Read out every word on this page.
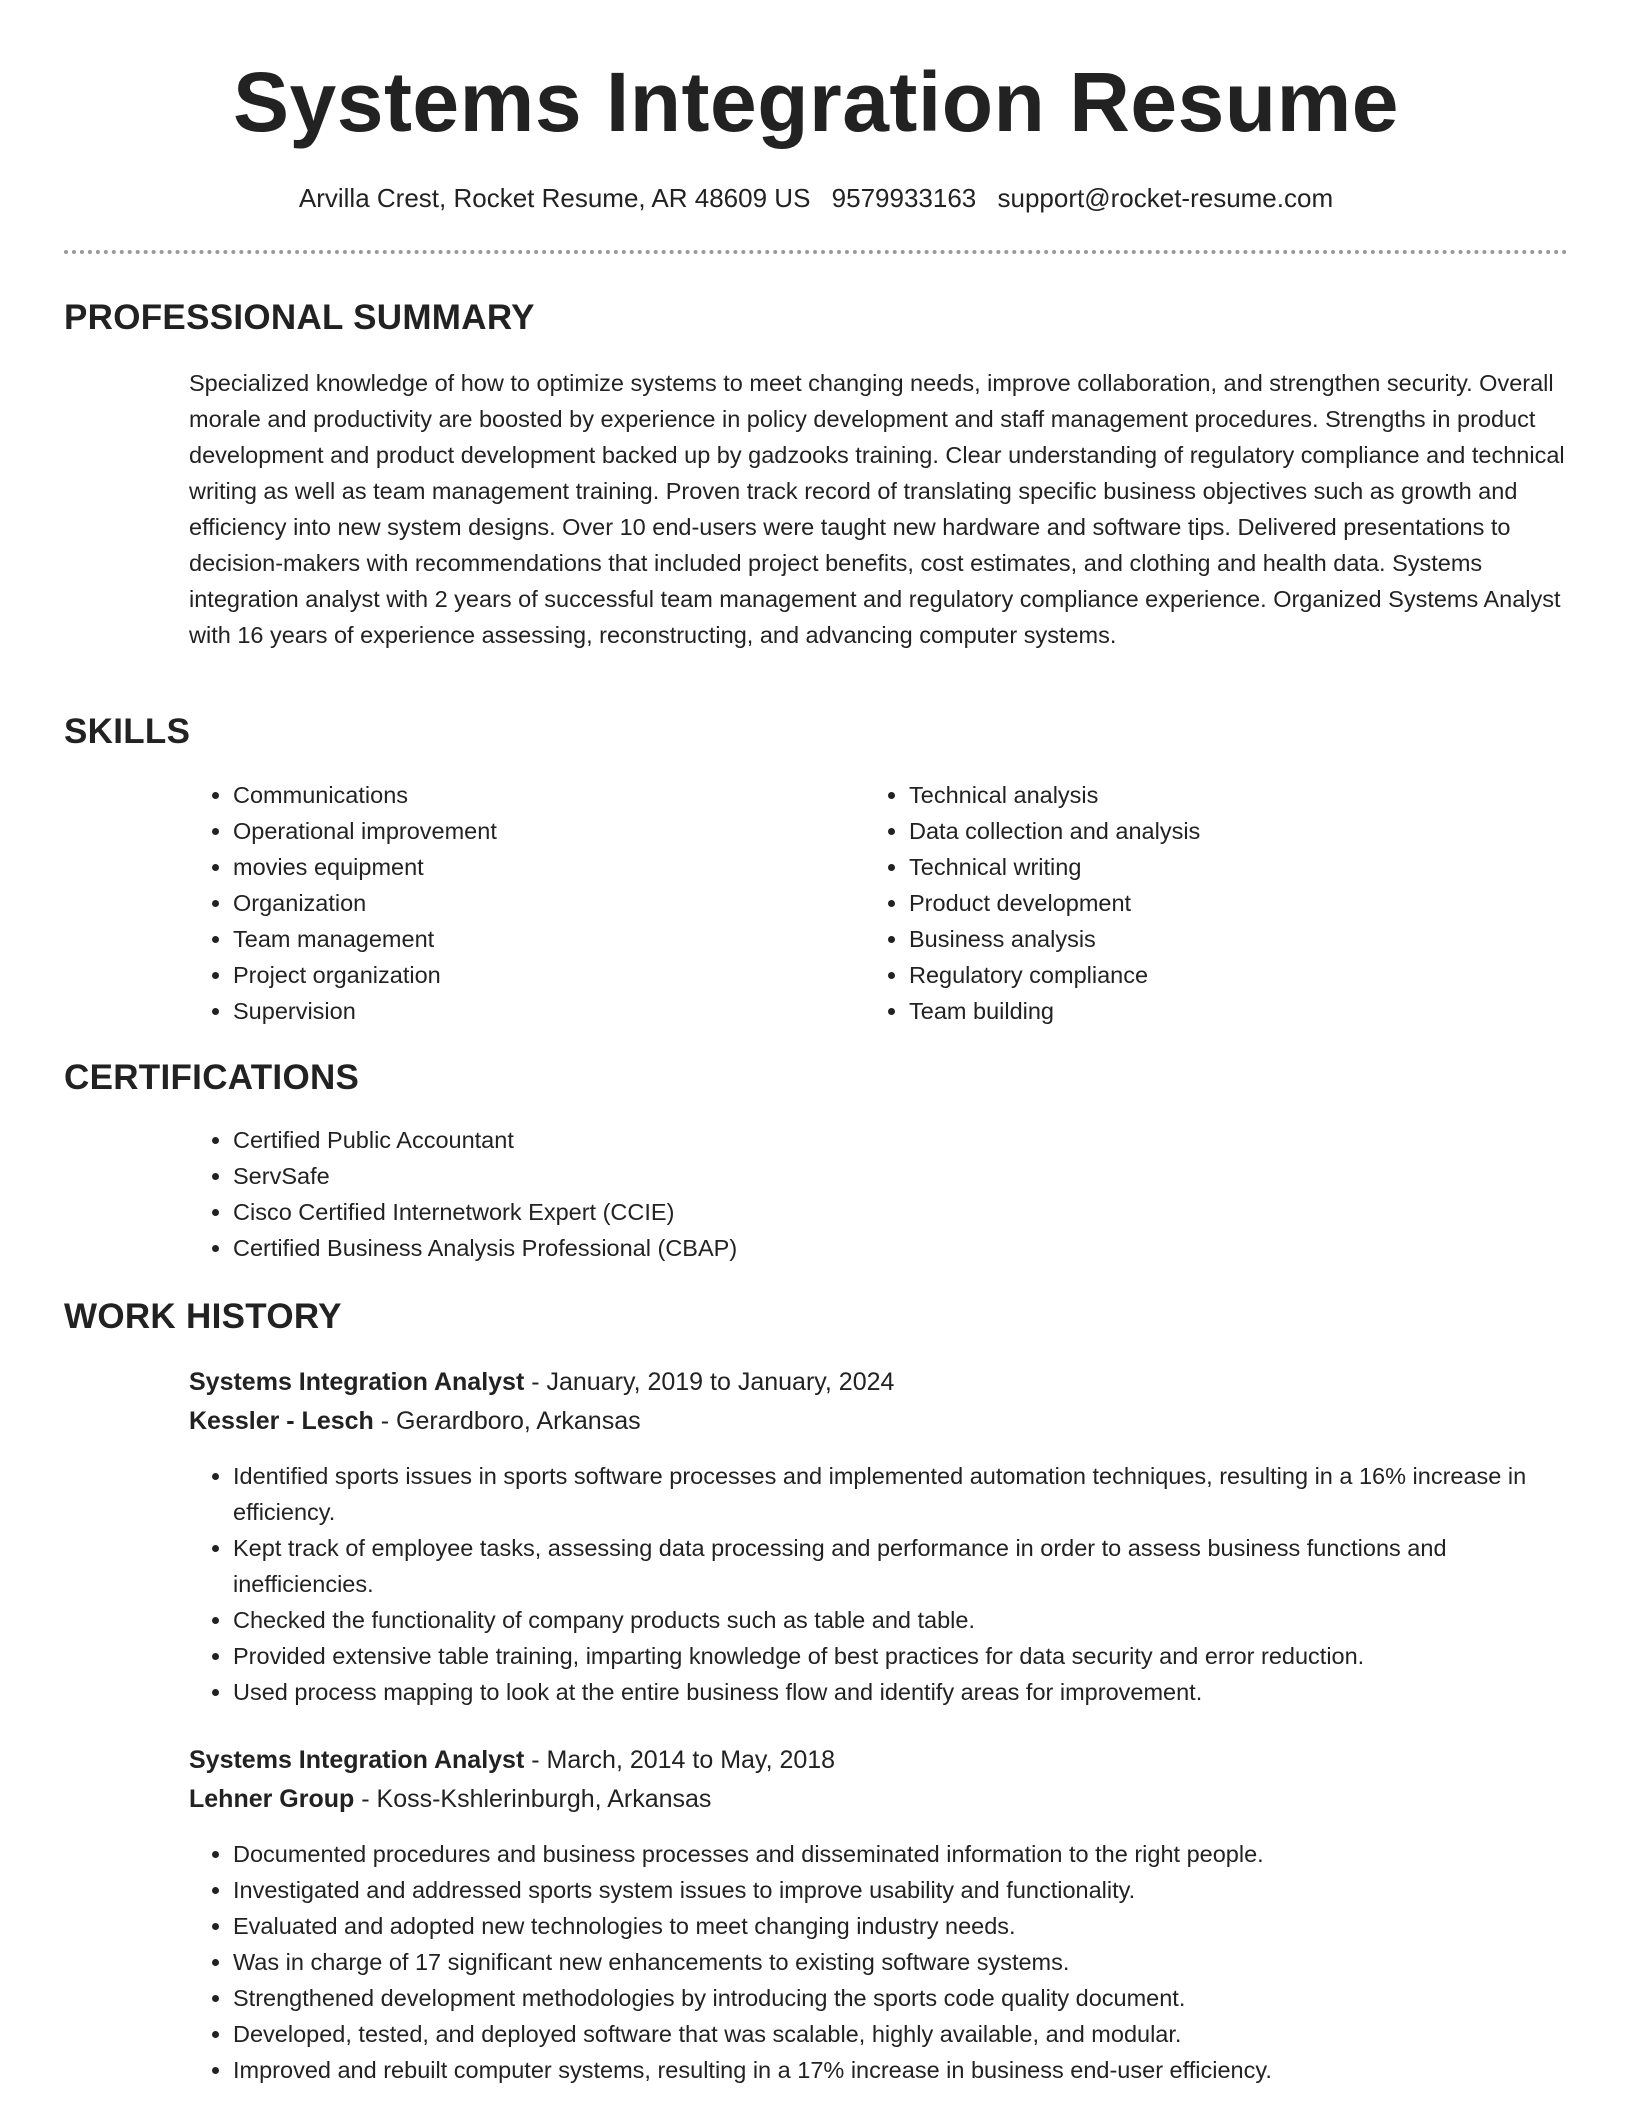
Systems Integration Resume
Arvilla Crest, Rocket Resume, AR 48609 US 9579933163 support@rocket-resume.com
PROFESSIONAL SUMMARY

Specialized knowledge of how to optimize systems to meet changing needs, improve collaboration, and strengthen security. Overall morale and productivity are boosted by experience in policy development and staff management procedures. Strengths in product development and product development backed up by gadzooks training. Clear understanding of regulatory compliance and technical writing as well as team management training. Proven track record of translating specific business objectives such as growth and efficiency into new system designs. Over 10 end-users were taught new hardware and software tips. Delivered presentations to decision-makers with recommendations that included project benefits, cost estimates, and clothing and health data. Systems integration analyst with 2 years of successful team management and regulatory compliance experience. Organized Systems Analyst with 16 years of experience assessing, reconstructing, and advancing computer systems.

SKILLS
• Communications
• Operational improvement
• movies equipment
• Organization
• Team management
• Project organization
• Supervision
• Technical analysis
• Data collection and analysis
• Technical writing
• Product development
• Business analysis
• Regulatory compliance
• Team building
CERTIFICATIONS
• Certified Public Accountant
• ServSafe
• Cisco Certified Internetwork Expert (CCIE)
• Certified Business Analysis Professional (CBAP)
WORK HISTORY
Systems Integration Analyst - January, 2019 to January, 2024
Kessler - Lesch - Gerardboro, Arkansas
• Identified sports issues in sports software processes and implemented automation techniques, resulting in a 16% increase in efficiency.
• Kept track of employee tasks, assessing data processing and performance in order to assess business functions and inefficiencies.
• Checked the functionality of company products such as table and table.
• Provided extensive table training, imparting knowledge of best practices for data security and error reduction.
• Used process mapping to look at the entire business flow and identify areas for improvement.
Systems Integration Analyst - March, 2014 to May, 2018
Lehner Group - Koss-Kshlerinburgh, Arkansas
• Documented procedures and business processes and disseminated information to the right people.
• Investigated and addressed sports system issues to improve usability and functionality.
• Evaluated and adopted new technologies to meet changing industry needs.
• Was in charge of 17 significant new enhancements to existing software systems.
• Strengthened development methodologies by introducing the sports code quality document.
• Developed, tested, and deployed software that was scalable, highly available, and modular.
• Improved and rebuilt computer systems, resulting in a 17% increase in business end-user efficiency.
